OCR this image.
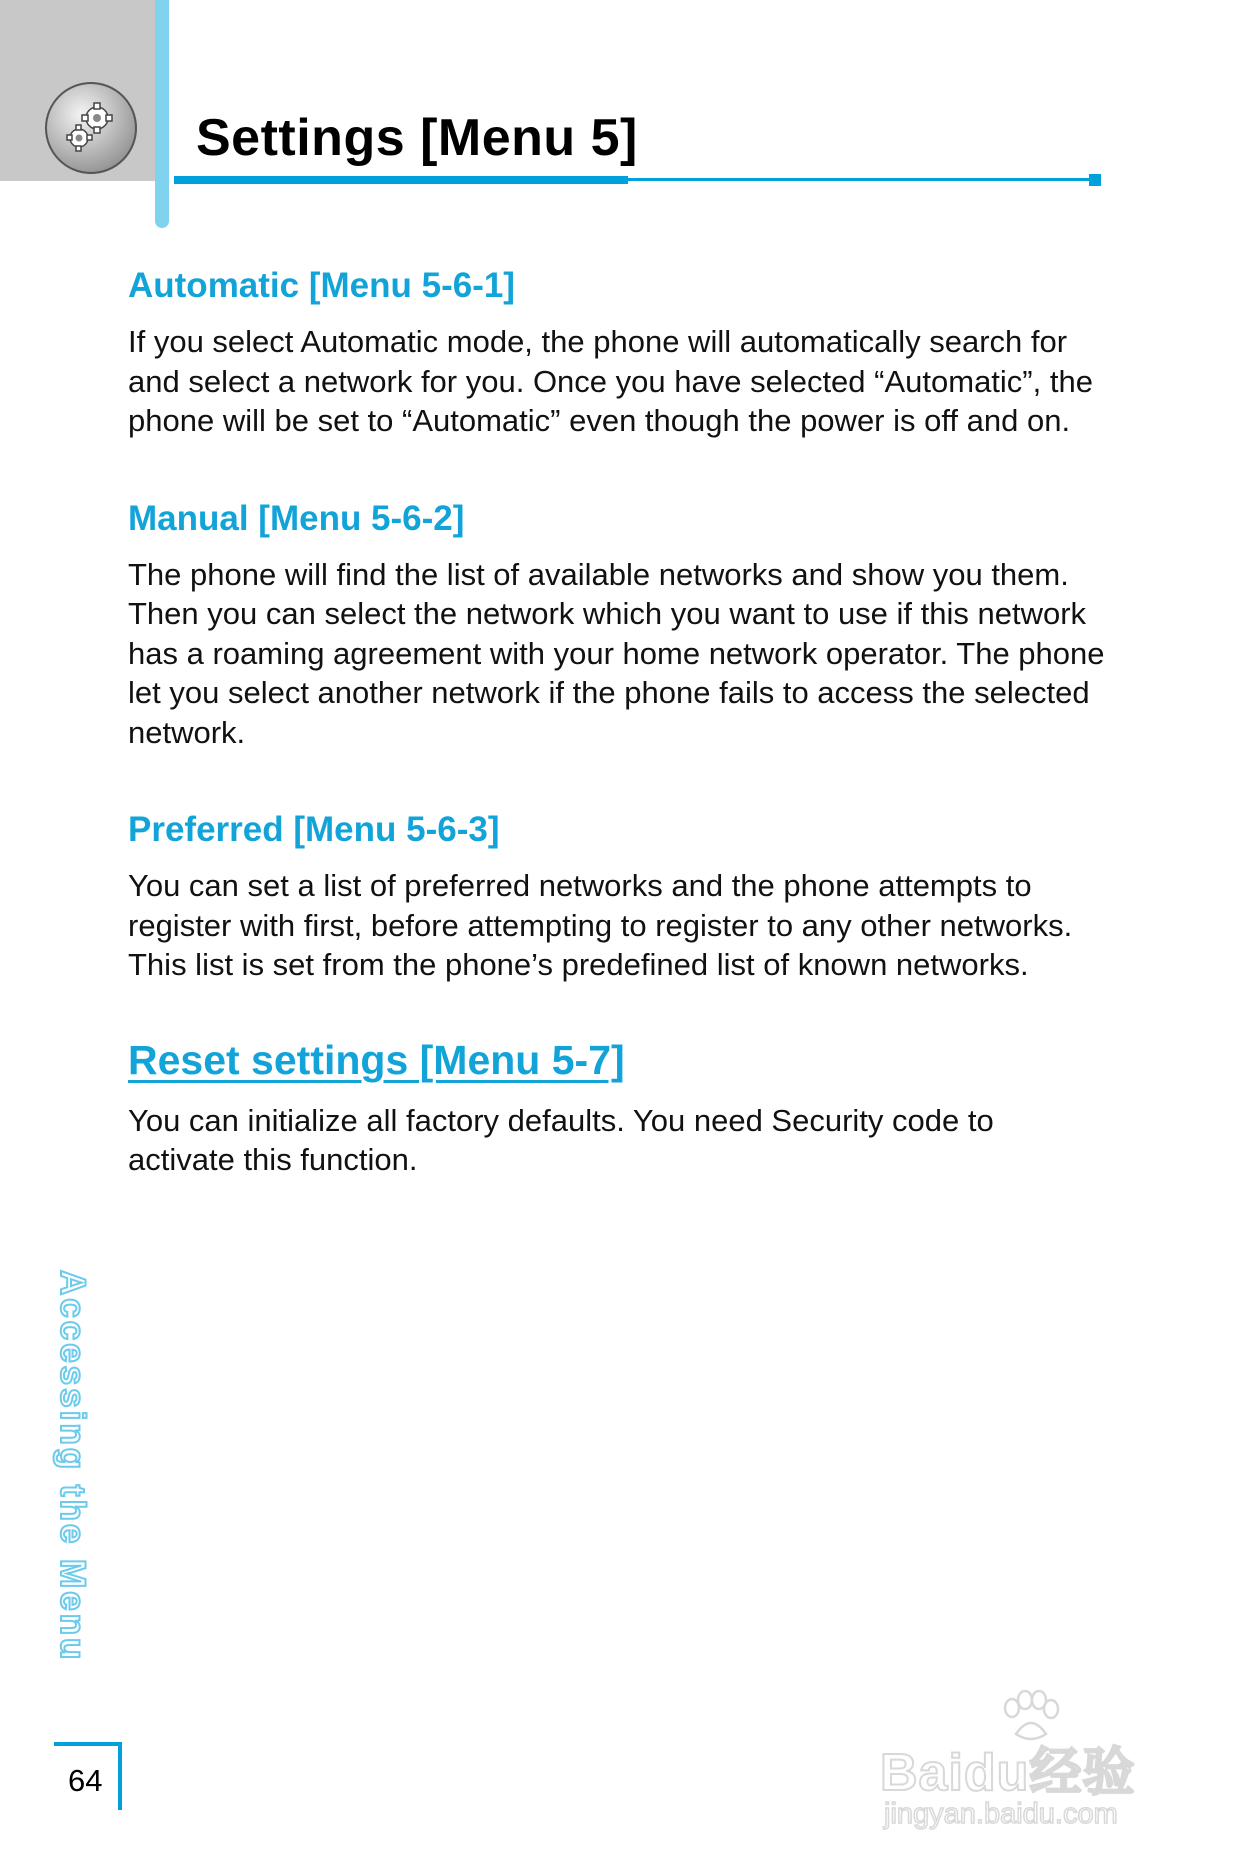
Settings [Menu 5]
Automatic [Menu 5-6-1]

If you select Automatic mode, the phone will automatically search for and select a network for you. Once you have selected “Automatic”, the phone will be set to “Automatic” even though the power is off and on.

Manual [Menu 5-6-2]

The phone will find the list of available networks and show you them. Then you can select the network which you want to use if this network has a roaming agreement with your home network operator. The phone let you select another network if the phone fails to access the selected network.

Preferred [Menu 5-6-3]

You can set a list of preferred networks and the phone attempts to register with first, before attempting to register to any other networks. This list is set from the phone’s predefined list of known networks.

Reset settings [Menu 5-7]

You can initialize all factory defaults. You need Security code to activate this function.

Accessing the Menu
64	Baidu经验
jingyan.baidu.com
